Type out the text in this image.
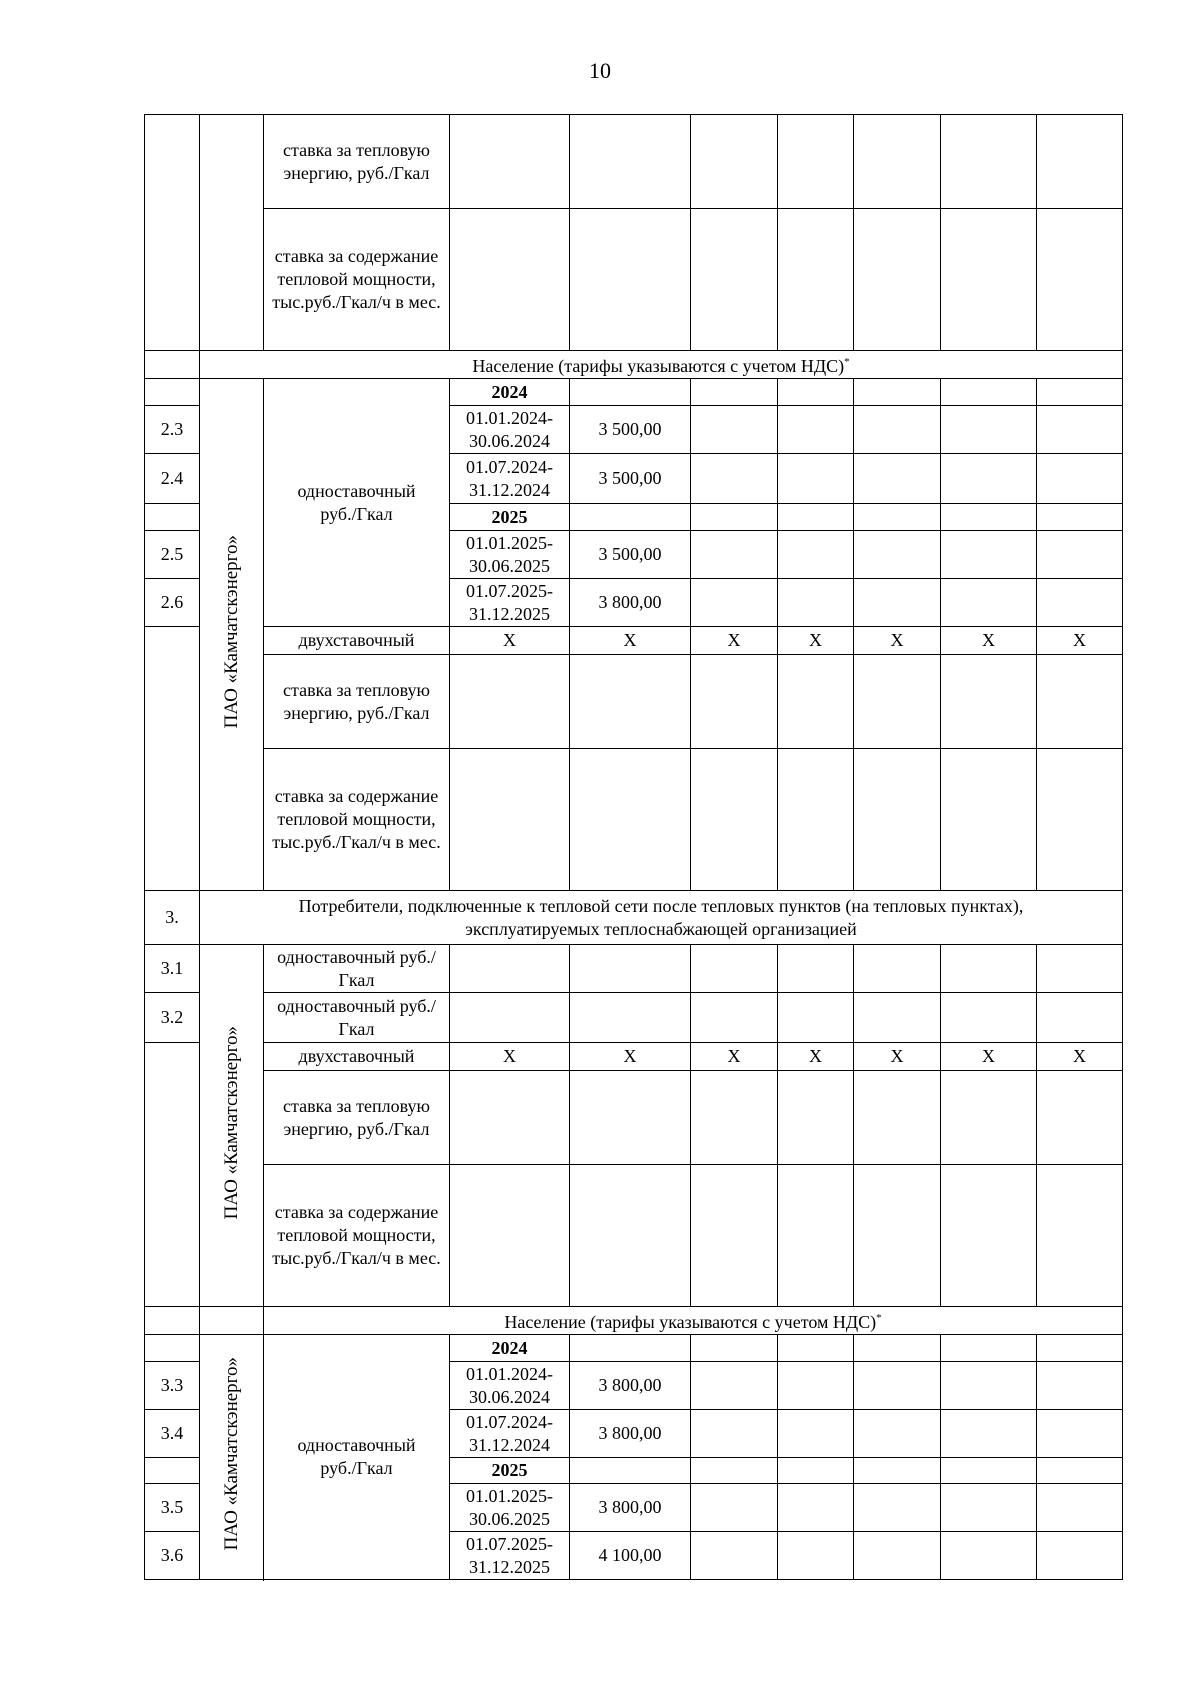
10
		ставка за тепловую энергию, руб./Гкал							
		ставка за содержание тепловой мощности, тыс.руб./Гкал/ч в мес.							
	Население (тарифы указываются с учетом НДС)*
	ПАО «Камчатскэнерго»	одноставочный руб./Гкал	2024						
2.3			01.01.2024-30.06.2024	3 500,00					
2.4			01.07.2024-31.12.2024	3 500,00					
			2025						
2.5			01.01.2025-30.06.2025	3 500,00					
2.6			01.07.2025-31.12.2025	3 800,00					

		двухставочный	Х	Х	Х	Х	Х	Х	Х
		ставка за тепловую энергию, руб./Гкал							
		ставка за содержание тепловой мощности, тыс.руб./Гкал/ч в мес.							
3.	Потребители, подключенные к тепловой сети после тепловых пунктов (на тепловых пунктах), эксплуатируемых теплоснабжающей организацией								

3.1	ПАО «Камчатскэнерго»	одноставочный руб./Гкал							
3.2		одноставочный руб./Гкал							
		двухставочный	Х	Х	Х	Х	Х	Х	Х
		ставка за тепловую энергию, руб./Гкал							
		ставка за содержание тепловой мощности, тыс.руб./Гкал/ч в мес.							
		Население (тарифы указываются с учетом НДС)*
	ПАО «Камчатскэнерго»	одноставочный руб./Гкал	2024						
3.3			01.01.2024-30.06.2024	3 800,00					
3.4			01.07.2024-31.12.2024	3 800,00					
			2025						
3.5			01.01.2025-30.06.2025	3 800,00					
3.6			01.07.2025-31.12.2025	4 100,00					
